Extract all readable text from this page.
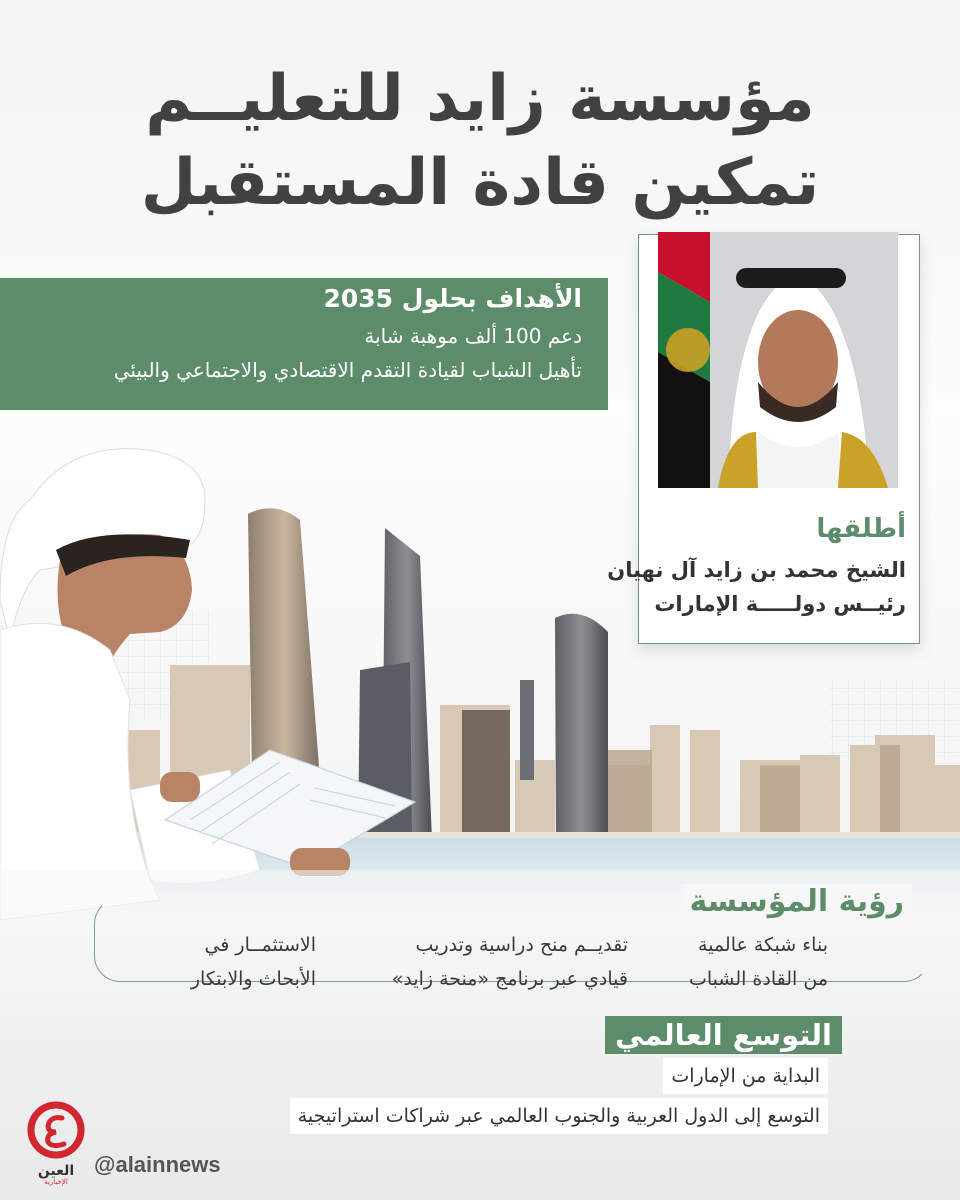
مؤسسة زايد للتعليــم
تمكين قادة المستقبل
الأهداف بحلول 2035
دعم 100 ألف موهبة شابة
تأهيل الشباب لقيادة التقدم الاقتصادي والاجتماعي والبيئي
أطلقها
الشيخ محمد بن زايد آل نهيان
رئيــس دولـــــة الإمارات
رؤية المؤسسة
بناء شبكة عالمية
من القادة الشباب
تقديــم منح دراسية وتدريب
قيادي عبر برنامج «منحة زايد»
الاستثمــار في
الأبحاث والابتكار
التوسع العالمي
البداية من الإمارات
التوسع إلى الدول العربية والجنوب العالمي عبر شراكات استراتيجية
العين
الإخبارية
@alainnews
